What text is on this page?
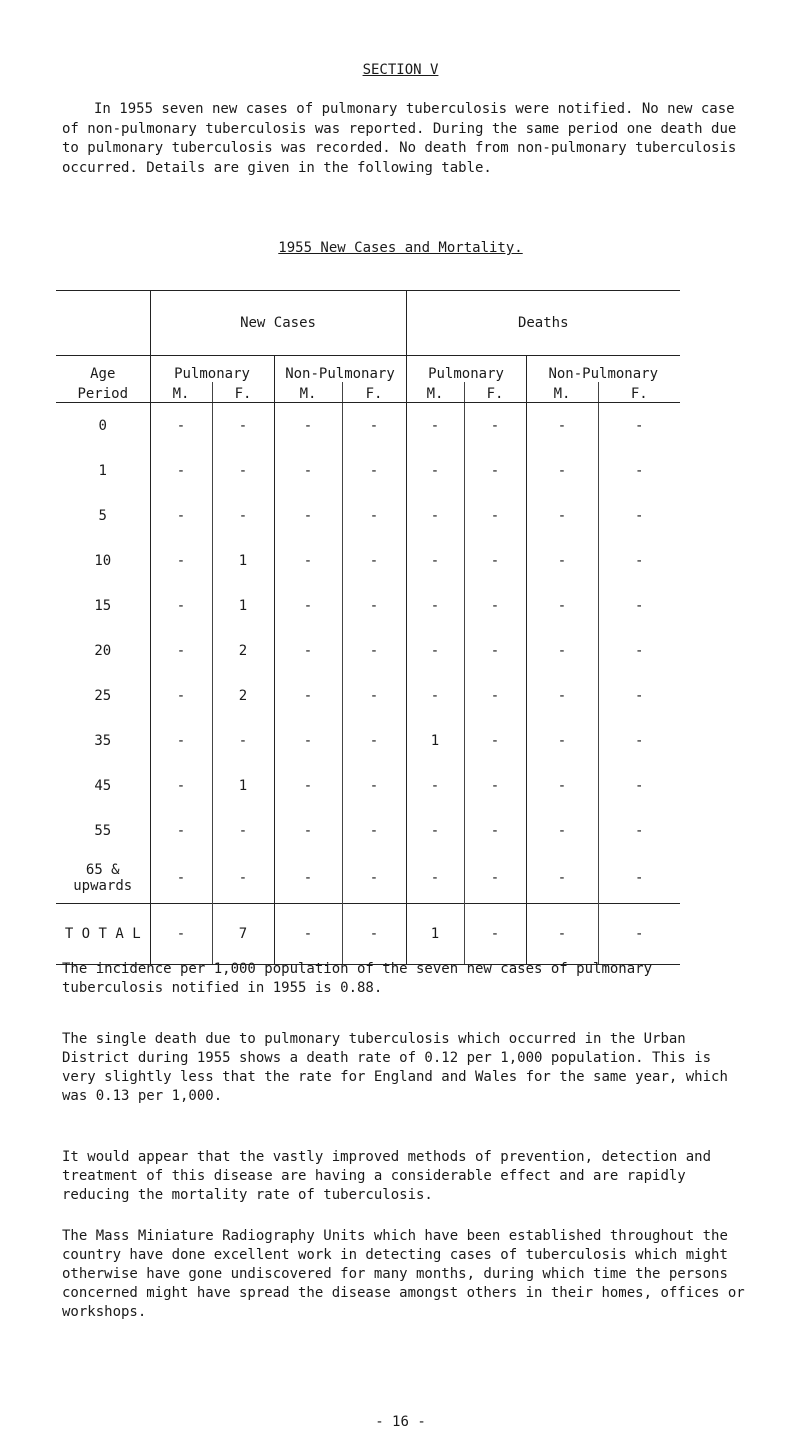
SECTION V

In 1955 seven new cases of pulmonary tuberculosis were notified. No new case of non-pulmonary tuberculosis was reported. During the same period one death due to pulmonary tuberculosis was recorded. No death from non-pulmonary tuberculosis occurred. Details are given in the following table.

1955 New Cases and Mortality.
	New Cases				Deaths			
Age	Pulmonary		Non-Pulmonary		Pulmonary		Non-Pulmonary	
Period	M.	F.	M.	F.	M.	F.	M.	F.

0	-	-	-	-	-	-	-	-

1	-	-	-	-	-	-	-	-

5	-	-	-	-	-	-	-	-

10	-	1	-	-	-	-	-	-

15	-	1	-	-	-	-	-	-

20	-	2	-	-	-	-	-	-

25	-	2	-	-	-	-	-	-

35	-	-	-	-	1	-	-	-

45	-	1	-	-	-	-	-	-

55	-	-	-	-	-	-	-	-

65 &
upwards	-	-	-	-	-	-	-	-
T O T A L	-	7	-	-	1	-	-	-

The incidence per 1,000 population of the seven new cases of pulmonary tuberculosis notified in 1955 is 0.88.

The single death due to pulmonary tuberculosis which occurred in the Urban District during 1955 shows a death rate of 0.12 per 1,000 population. This is very slightly less that the rate for England and Wales for the same year, which was 0.13 per 1,000.

It would appear that the vastly improved methods of prevention, detection and treatment of this disease are having a considerable effect and are rapidly reducing the mortality rate of tuberculosis.

The Mass Miniature Radiography Units which have been established throughout the country have done excellent work in detecting cases of tuberculosis which might otherwise have gone undiscovered for many months, during which time the persons concerned might have spread the disease amongst others in their homes, offices or workshops.

- 16 -
